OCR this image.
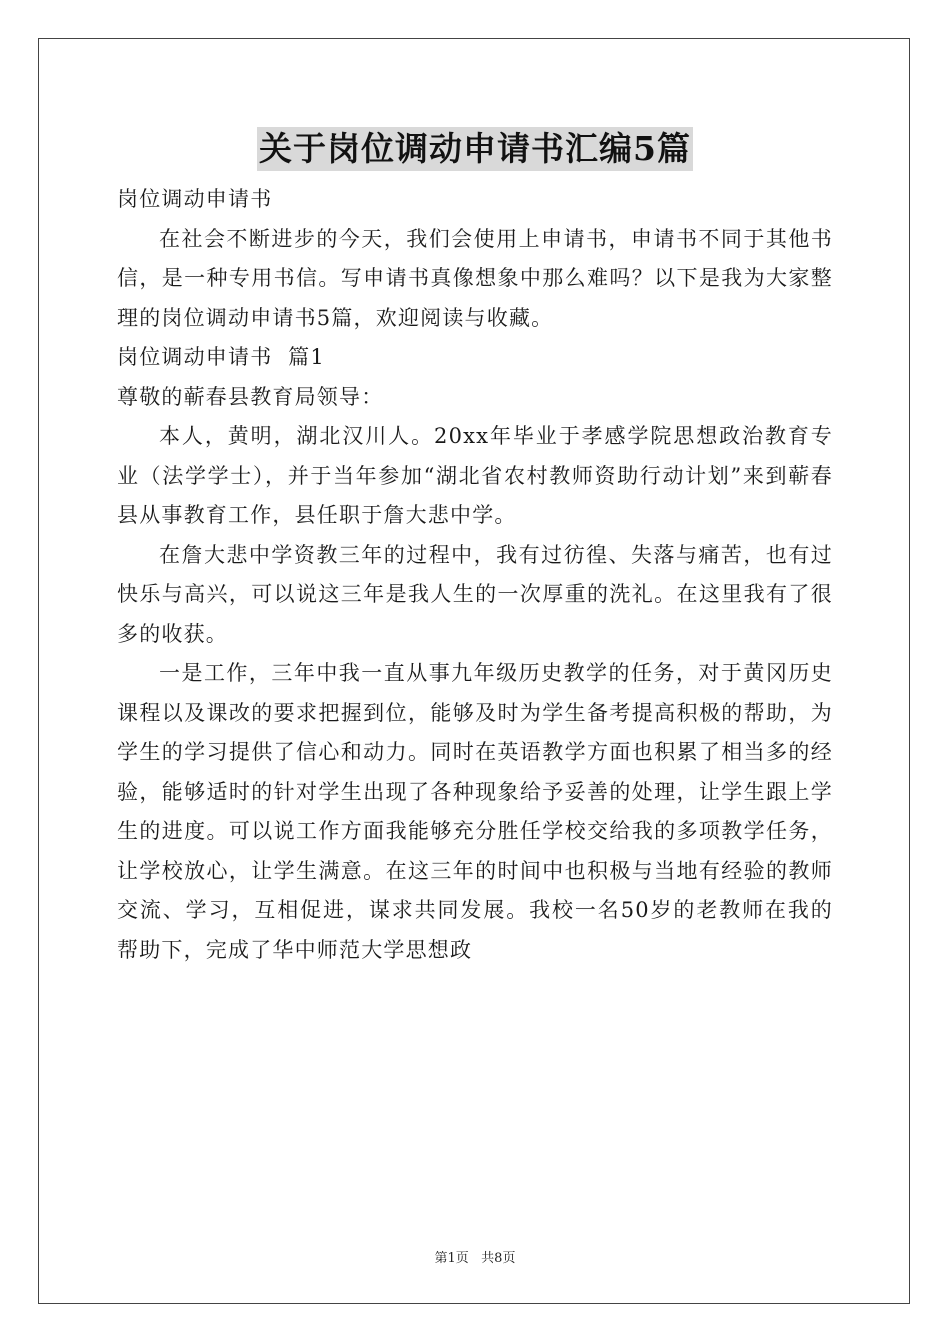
关于岗位调动申请书汇编5篇

岗位调动申请书

在社会不断进步的今天，我们会使用上申请书，申请书不同于其他书信，是一种专用书信。写申请书真像想象中那么难吗？以下是我为大家整理的岗位调动申请书5篇，欢迎阅读与收藏。

岗位调动申请书  篇1

尊敬的蕲春县教育局领导：

本人，黄明，湖北汉川人。20xx年毕业于孝感学院思想政治教育专业（法学学士），并于当年参加“湖北省农村教师资助行动计划”来到蕲春县从事教育工作，县任职于詹大悲中学。

在詹大悲中学资教三年的过程中，我有过彷徨、失落与痛苦，也有过快乐与高兴，可以说这三年是我人生的一次厚重的洗礼。在这里我有了很多的收获。

一是工作，三年中我一直从事九年级历史教学的任务，对于黄冈历史课程以及课改的要求把握到位，能够及时为学生备考提高积极的帮助，为学生的学习提供了信心和动力。同时在英语教学方面也积累了相当多的经验，能够适时的针对学生出现了各种现象给予妥善的处理，让学生跟上学生的进度。可以说工作方面我能够充分胜任学校交给我的多项教学任务，让学校放心，让学生满意。在这三年的时间中也积极与当地有经验的教师交流、学习，互相促进，谋求共同发展。我校一名50岁的老教师在我的帮助下，完成了华中师范大学思想政

第1页   共8页
